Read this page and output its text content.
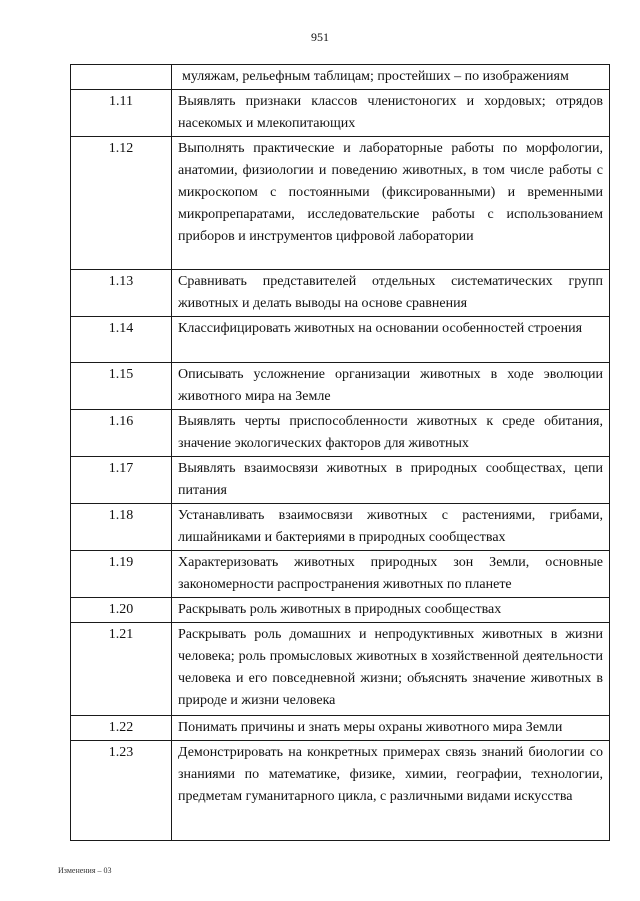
951
	муляжам, рельефным таблицам; простейших – по изображениям
1.11	Выявлять признаки классов членистоногих и хордовых; отрядов насекомых и млекопитающих
1.12	Выполнять практические и лабораторные работы по морфологии, анатомии, физиологии и поведению животных, в том числе работы с микроскопом с постоянными (фиксированными) и временными микропрепаратами, исследовательские работы с использованием приборов и инструментов цифровой лаборатории
1.13	Сравнивать представителей отдельных систематических групп животных и делать выводы на основе сравнения
1.14	Классифицировать животных на основании особенностей строения
1.15	Описывать усложнение организации животных в ходе эволюции животного мира на Земле
1.16	Выявлять черты приспособленности животных к среде обитания, значение экологических факторов для животных
1.17	Выявлять взаимосвязи животных в природных сообществах, цепи питания
1.18	Устанавливать взаимосвязи животных с растениями, грибами, лишайниками и бактериями в природных сообществах
1.19	Характеризовать животных природных зон Земли, основные закономерности распространения животных по планете
1.20	Раскрывать роль животных в природных сообществах
1.21	Раскрывать роль домашних и непродуктивных животных в жизни человека; роль промысловых животных в хозяйственной деятельности человека и его повседневной жизни; объяснять значение животных в природе и жизни человека
1.22	Понимать причины и знать меры охраны животного мира Земли
1.23	Демонстрировать на конкретных примерах связь знаний биологии со знаниями по математике, физике, химии, географии, технологии, предметам гуманитарного цикла, с различными видами искусства
Изменения – 03
